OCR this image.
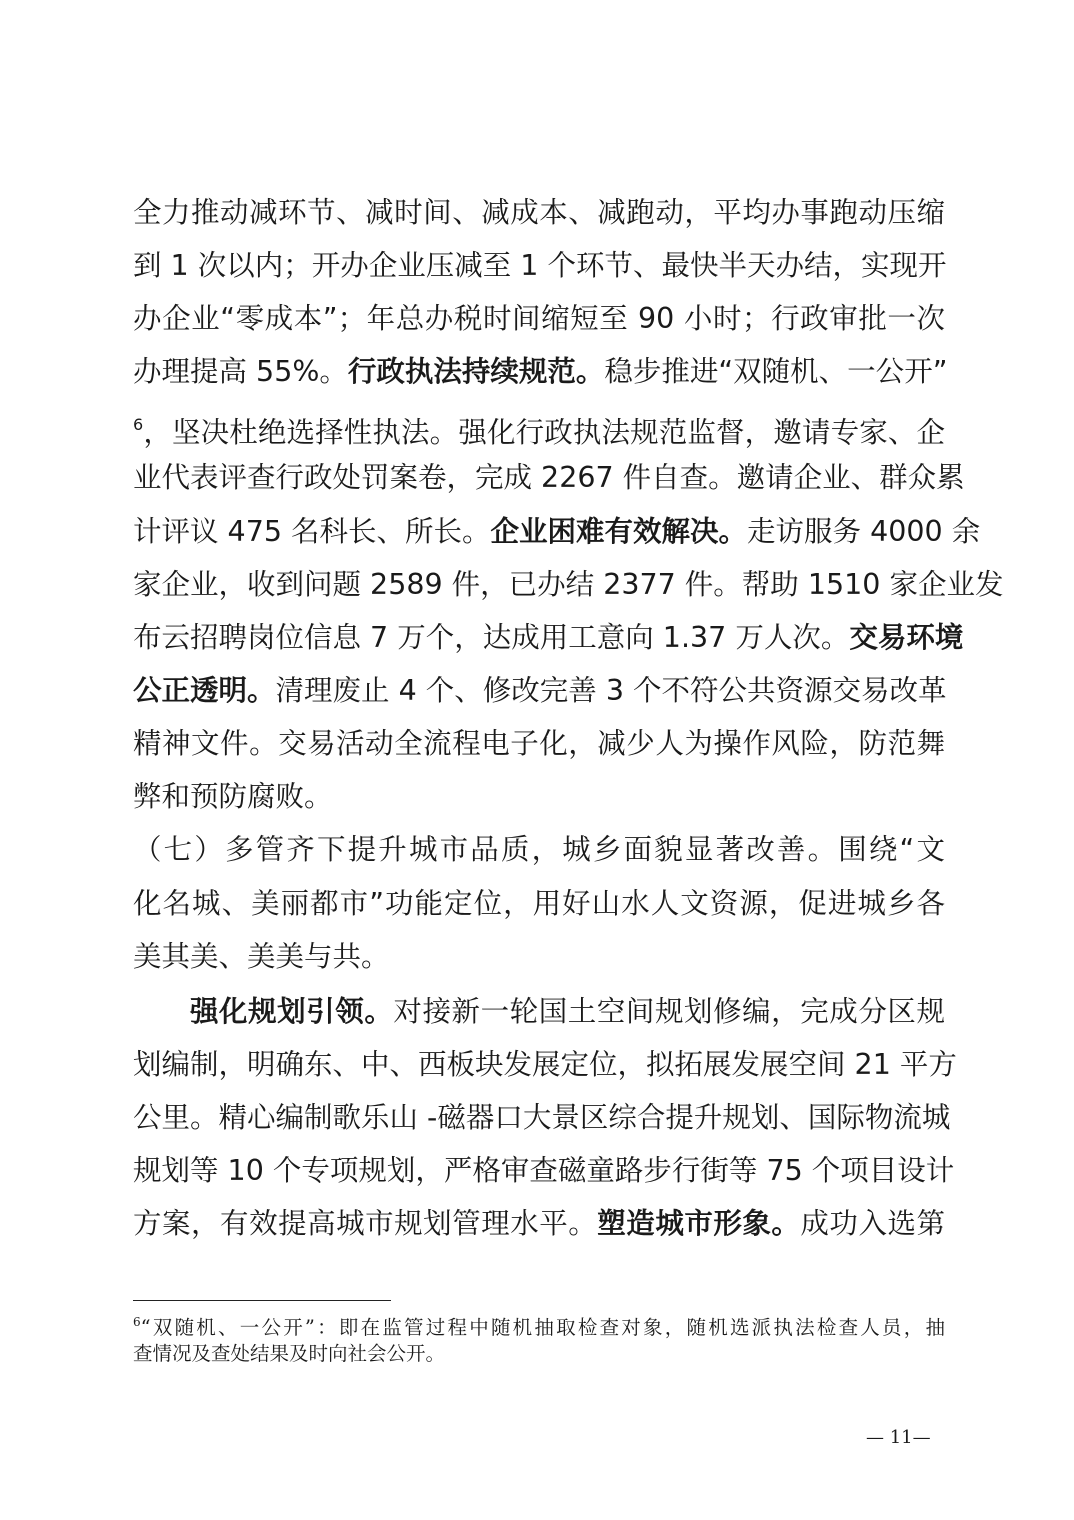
全力推动减环节、减时间、减成本、减跑动，平均办事跑动压缩

到 1 次以内；开办企业压减至 1 个环节、最快半天办结，实现开

办企业“零成本”；年总办税时间缩短至 90 小时；行政审批一次

办理提高 55%。行政执法持续规范。稳步推进“双随机、一公开”

$^6$，坚决杜绝选择性执法。强化行政执法规范监督，邀请专家、企

业代表评查行政处罚案卷，完成 2267 件自查。邀请企业、群众累

计评议 475 名科长、所长。企业困难有效解决。走访服务 4000 余

家企业，收到问题 2589 件，已办结 2377 件。帮助 1510 家企业发

布云招聘岗位信息 7 万个，达成用工意向 1.37 万人次。交易环境

公正透明。清理废止 4 个、修改完善 3 个不符公共资源交易改革

精神文件。交易活动全流程电子化，减少人为操作风险，防范舞

弊和预防腐败。

（七）多管齐下提升城市品质，城乡面貌显著改善。围绕“文

化名城、美丽都市”功能定位，用好山水人文资源，促进城乡各

美其美、美美与共。

强化规划引领。对接新一轮国土空间规划修编，完成分区规

划编制，明确东、中、西板块发展定位，拟拓展发展空间 21 平方

公里。精心编制歌乐山 -磁器口大景区综合提升规划、国际物流城

规划等 10 个专项规划，严格审查磁童路步行街等 75 个项目设计

方案，有效提高城市规划管理水平。塑造城市形象。成功入选第

$^6$“双随机、一公开”：即在监管过程中随机抽取检查对象，随机选派执法检查人员，抽
查情况及查处结果及时向社会公开。
— 11—
